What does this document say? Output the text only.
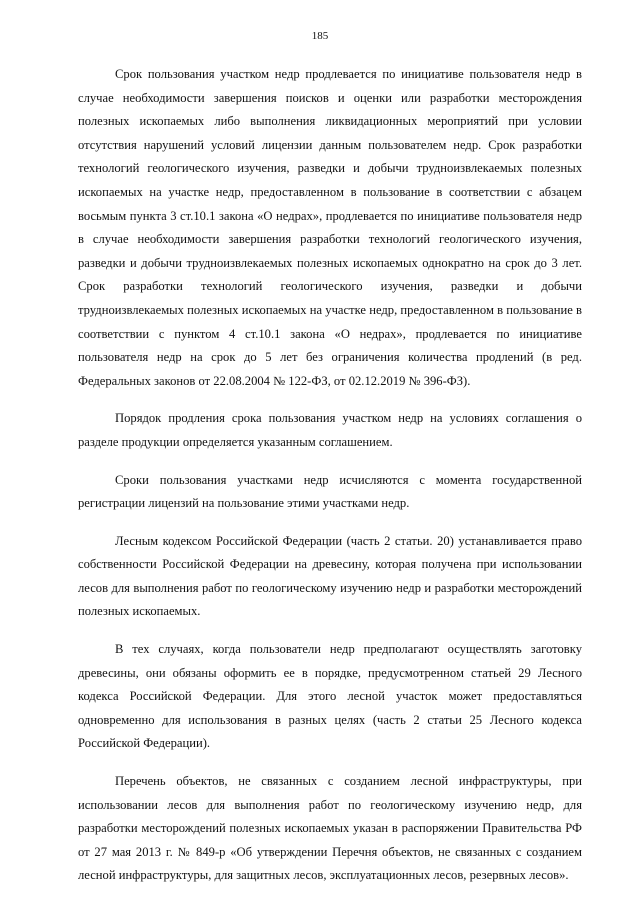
185

Срок пользования участком недр продлевается по инициативе пользователя недр в случае необходимости завершения поисков и оценки или разработки месторождения полезных ископаемых либо выполнения ликвидационных мероприятий при условии отсутствия нарушений условий лицензии данным пользователем недр. Срок разработки технологий геологического изучения, разведки и добычи трудноизвлекаемых полезных ископаемых на участке недр, предоставленном в пользование в соответствии с абзацем восьмым пункта 3 ст.10.1 закона «О недрах», продлевается по инициативе пользователя недр в случае необходимости завершения разработки технологий геологического изучения, разведки и добычи трудноизвлекаемых полезных ископаемых однократно на срок до 3 лет. Срок разработки технологий геологического изучения, разведки и добычи трудноизвлекаемых полезных ископаемых на участке недр, предоставленном в пользование в соответствии с пунктом 4 ст.10.1 закона «О недрах», продлевается по инициативе пользователя недр на срок до 5 лет без ограничения количества продлений (в ред. Федеральных законов от 22.08.2004 № 122-ФЗ, от 02.12.2019 № 396-ФЗ).

Порядок продления срока пользования участком недр на условиях соглашения о разделе продукции определяется указанным соглашением.

Сроки пользования участками недр исчисляются с момента государственной регистрации лицензий на пользование этими участками недр.

Лесным кодексом Российской Федерации (часть 2 статьи. 20) устанавливается право собственности Российской Федерации на древесину, которая получена при использовании лесов для выполнения работ по геологическому изучению недр и разработки месторождений полезных ископаемых.

В тех случаях, когда пользователи недр предполагают осуществлять заготовку древесины, они обязаны оформить ее в порядке, предусмотренном статьей 29 Лесного кодекса Российской Федерации. Для этого лесной участок может предоставляться одновременно для использования в разных целях (часть 2 статьи 25 Лесного кодекса Российской Федерации).

Перечень объектов, не связанных с созданием лесной инфраструктуры, при использовании лесов для выполнения работ по геологическому изучению недр, для разработки месторождений полезных ископаемых указан в распоряжении Правительства РФ от 27 мая 2013 г. № 849-р «Об утверждении Перечня объектов, не связанных с созданием лесной инфраструктуры, для защитных лесов, эксплуатационных лесов, резервных лесов».
